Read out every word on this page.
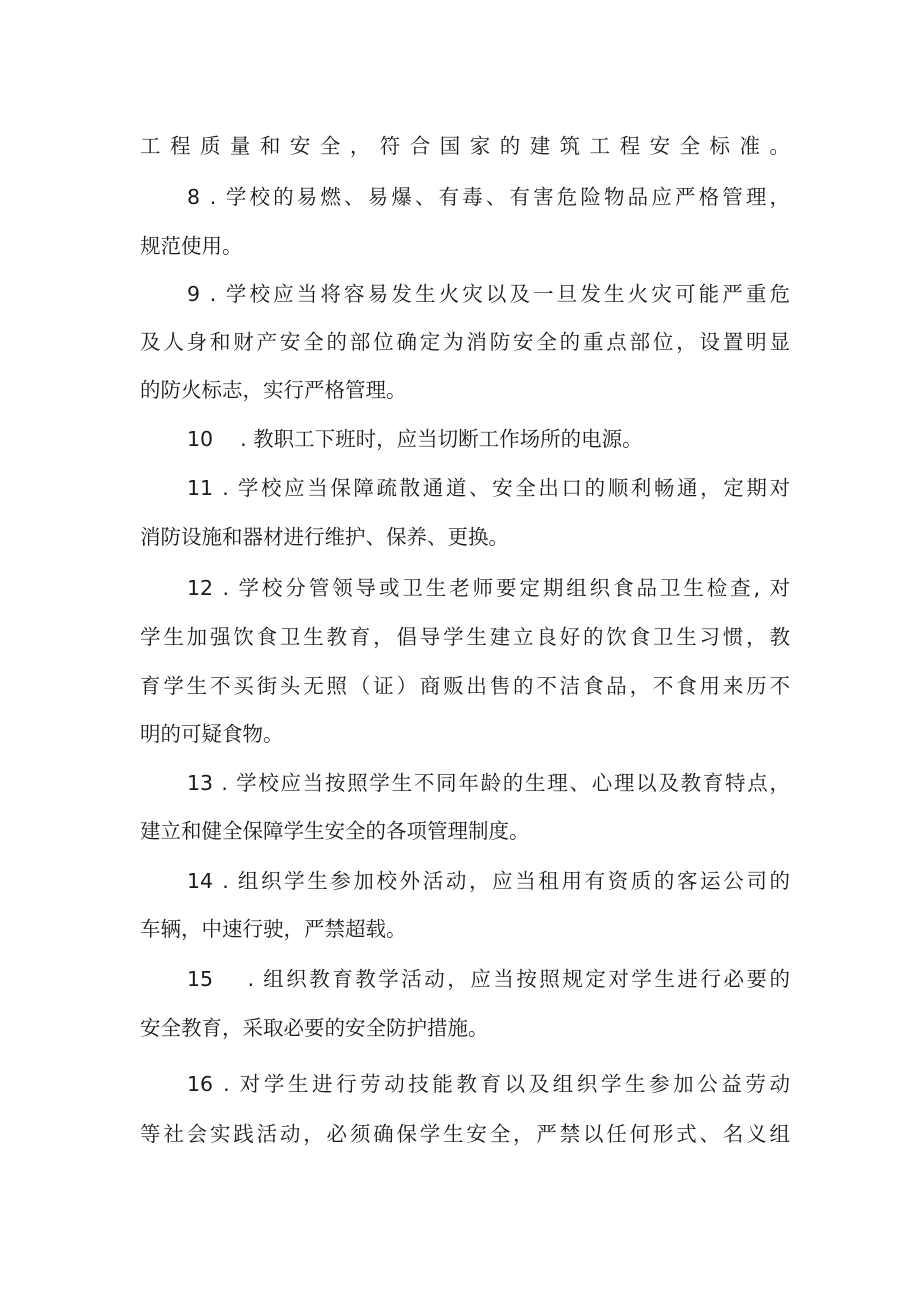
工程质量和安全，符合国家的建筑工程安全标准。
8 . 学校的易燃、易爆、有毒、有害危险物品应严格管理，
规范使用。
9 . 学校应当将容易发生火灾以及一旦发生火灾可能严重危
及人身和财产安全的部位确定为消防安全的重点部位，设置明显
的防火标志，实行严格管理。
10　 . 教职工下班时，应当切断工作场所的电源。
11 . 学校应当保障疏散通道、安全出口的顺利畅通，定期对
消防设施和器材进行维护、保养、更换。
12 . 学校分管领导或卫生老师要定期组织食品卫生检查, 对
学生加强饮食卫生教育，倡导学生建立良好的饮食卫生习惯，教
育学生不买街头无照（证）商贩出售的不洁食品，不食用来历不
明的可疑食物。
13 . 学校应当按照学生不同年龄的生理、心理以及教育特点，
建立和健全保障学生安全的各项管理制度。
14 . 组织学生参加校外活动，应当租用有资质的客运公司的
车辆，中速行驶，严禁超载。
15　 . 组织教育教学活动，应当按照规定对学生进行必要的
安全教育，采取必要的安全防护措施。
16 . 对学生进行劳动技能教育以及组织学生参加公益劳动
等社会实践活动，必须确保学生安全，严禁以任何形式、名义组
